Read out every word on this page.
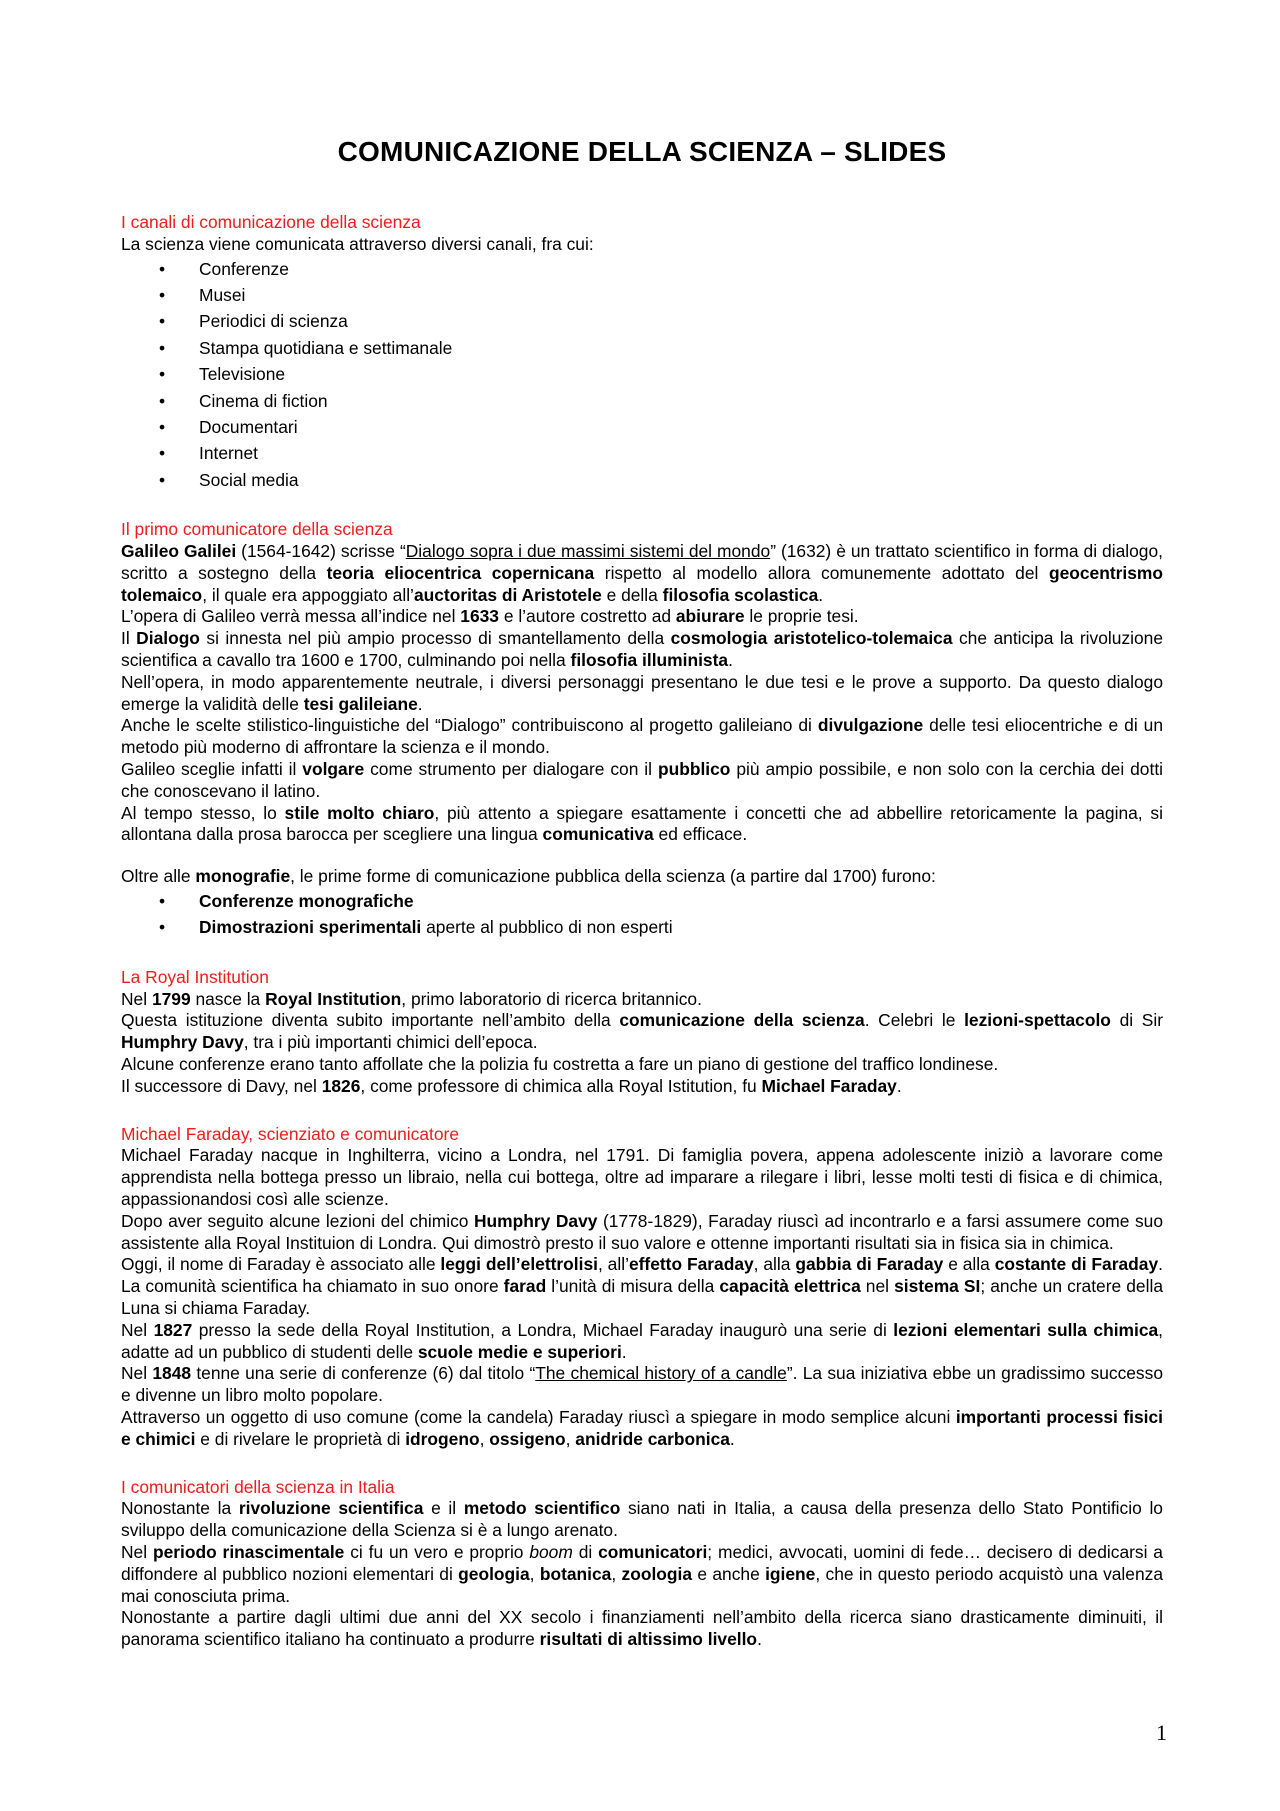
COMUNICAZIONE DELLA SCIENZA – SLIDES

I canali di comunicazione della scienza

La scienza viene comunicata attraverso diversi canali, fra cui:

• Conferenze
• Musei
• Periodici di scienza
• Stampa quotidiana e settimanale
• Televisione
• Cinema di fiction
• Documentari
• Internet
• Social media

Il primo comunicatore della scienza

Galileo Galilei (1564-1642) scrisse “Dialogo sopra i due massimi sistemi del mondo” (1632) è un trattato scientifico in forma di dialogo, scritto a sostegno della teoria eliocentrica copernicana rispetto al modello allora comunemente adottato del geocentrismo tolemaico, il quale era appoggiato all’auctoritas di Aristotele e della filosofia scolastica.

L’opera di Galileo verrà messa all’indice nel 1633 e l’autore costretto ad abiurare le proprie tesi.

Il Dialogo si innesta nel più ampio processo di smantellamento della cosmologia aristotelico-tolemaica che anticipa la rivoluzione scientifica a cavallo tra 1600 e 1700, culminando poi nella filosofia illuminista.

Nell’opera, in modo apparentemente neutrale, i diversi personaggi presentano le due tesi e le prove a supporto. Da questo dialogo emerge la validità delle tesi galileiane.

Anche le scelte stilistico-linguistiche del “Dialogo” contribuiscono al progetto galileiano di divulgazione delle tesi eliocentriche e di un metodo più moderno di affrontare la scienza e il mondo.

Galileo sceglie infatti il volgare come strumento per dialogare con il pubblico più ampio possibile, e non solo con la cerchia dei dotti che conoscevano il latino.

Al tempo stesso, lo stile molto chiaro, più attento a spiegare esattamente i concetti che ad abbellire retoricamente la pagina, si allontana dalla prosa barocca per scegliere una lingua comunicativa ed efficace.

Oltre alle monografie, le prime forme di comunicazione pubblica della scienza (a partire dal 1700) furono:

• Conferenze monografiche
• Dimostrazioni sperimentali aperte al pubblico di non esperti

La Royal Institution

Nel 1799 nasce la Royal Institution, primo laboratorio di ricerca britannico.

Questa istituzione diventa subito importante nell’ambito della comunicazione della scienza. Celebri le lezioni-spettacolo di Sir Humphry Davy, tra i più importanti chimici dell’epoca.

Alcune conferenze erano tanto affollate che la polizia fu costretta a fare un piano di gestione del traffico londinese.

Il successore di Davy, nel 1826, come professore di chimica alla Royal Istitution, fu Michael Faraday.

Michael Faraday, scienziato e comunicatore

Michael Faraday nacque in Inghilterra, vicino a Londra, nel 1791. Di famiglia povera, appena adolescente iniziò a lavorare come apprendista nella bottega presso un libraio, nella cui bottega, oltre ad imparare a rilegare i libri, lesse molti testi di fisica e di chimica, appassionandosi così alle scienze.

Dopo aver seguito alcune lezioni del chimico Humphry Davy (1778-1829), Faraday riuscì ad incontrarlo e a farsi assumere come suo assistente alla Royal Instituion di Londra. Qui dimostrò presto il suo valore e ottenne importanti risultati sia in fisica sia in chimica.

Oggi, il nome di Faraday è associato alle leggi dell’elettrolisi, all’effetto Faraday, alla gabbia di Faraday e alla costante di Faraday. La comunità scientifica ha chiamato in suo onore farad l’unità di misura della capacità elettrica nel sistema SI; anche un cratere della Luna si chiama Faraday.

Nel 1827 presso la sede della Royal Institution, a Londra, Michael Faraday inaugurò una serie di lezioni elementari sulla chimica, adatte ad un pubblico di studenti delle scuole medie e superiori.

Nel 1848 tenne una serie di conferenze (6) dal titolo “The chemical history of a candle”. La sua iniziativa ebbe un gradissimo successo e divenne un libro molto popolare.

Attraverso un oggetto di uso comune (come la candela) Faraday riuscì a spiegare in modo semplice alcuni importanti processi fisici e chimici e di rivelare le proprietà di idrogeno, ossigeno, anidride carbonica.

I comunicatori della scienza in Italia

Nonostante la rivoluzione scientifica e il metodo scientifico siano nati in Italia, a causa della presenza dello Stato Pontificio lo sviluppo della comunicazione della Scienza si è a lungo arenato.

Nel periodo rinascimentale ci fu un vero e proprio boom di comunicatori; medici, avvocati, uomini di fede… decisero di dedicarsi a diffondere al pubblico nozioni elementari di geologia, botanica, zoologia e anche igiene, che in questo periodo acquistò una valenza mai conosciuta prima.

Nonostante a partire dagli ultimi due anni del XX secolo i finanziamenti nell’ambito della ricerca siano drasticamente diminuiti, il panorama scientifico italiano ha continuato a produrre risultati di altissimo livello.

1
